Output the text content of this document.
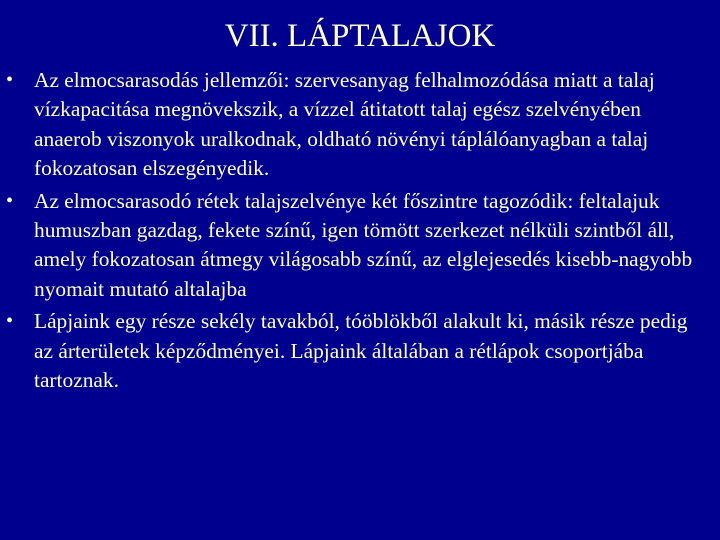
VII. LÁPTALAJOK
• Az elmocsarasodás jellemzői: szervesanyag felhalmozódása miatt a talaj vízkapacitása megnövekszik, a vízzel átitatott talaj egész szelvényében anaerob viszonyok uralkodnak, oldható növényi táplálóanyagban a talaj fokozatosan elszegényedik.
• Az elmocsarasodó rétek talajszelvénye két főszintre tagozódik: feltalajuk humuszban gazdag, fekete színű, igen tömött szerkezet nélküli szintből áll, amely fokozatosan átmegy világosabb színű, az elglejesedés kisebb-nagyobb nyomait mutató altalajba
• Lápjaink egy része sekély tavakból, tóöblökből alakult ki, másik része pedig az árterületek képződményei. Lápjaink általában a rétlápok csoportjába tartoznak.
